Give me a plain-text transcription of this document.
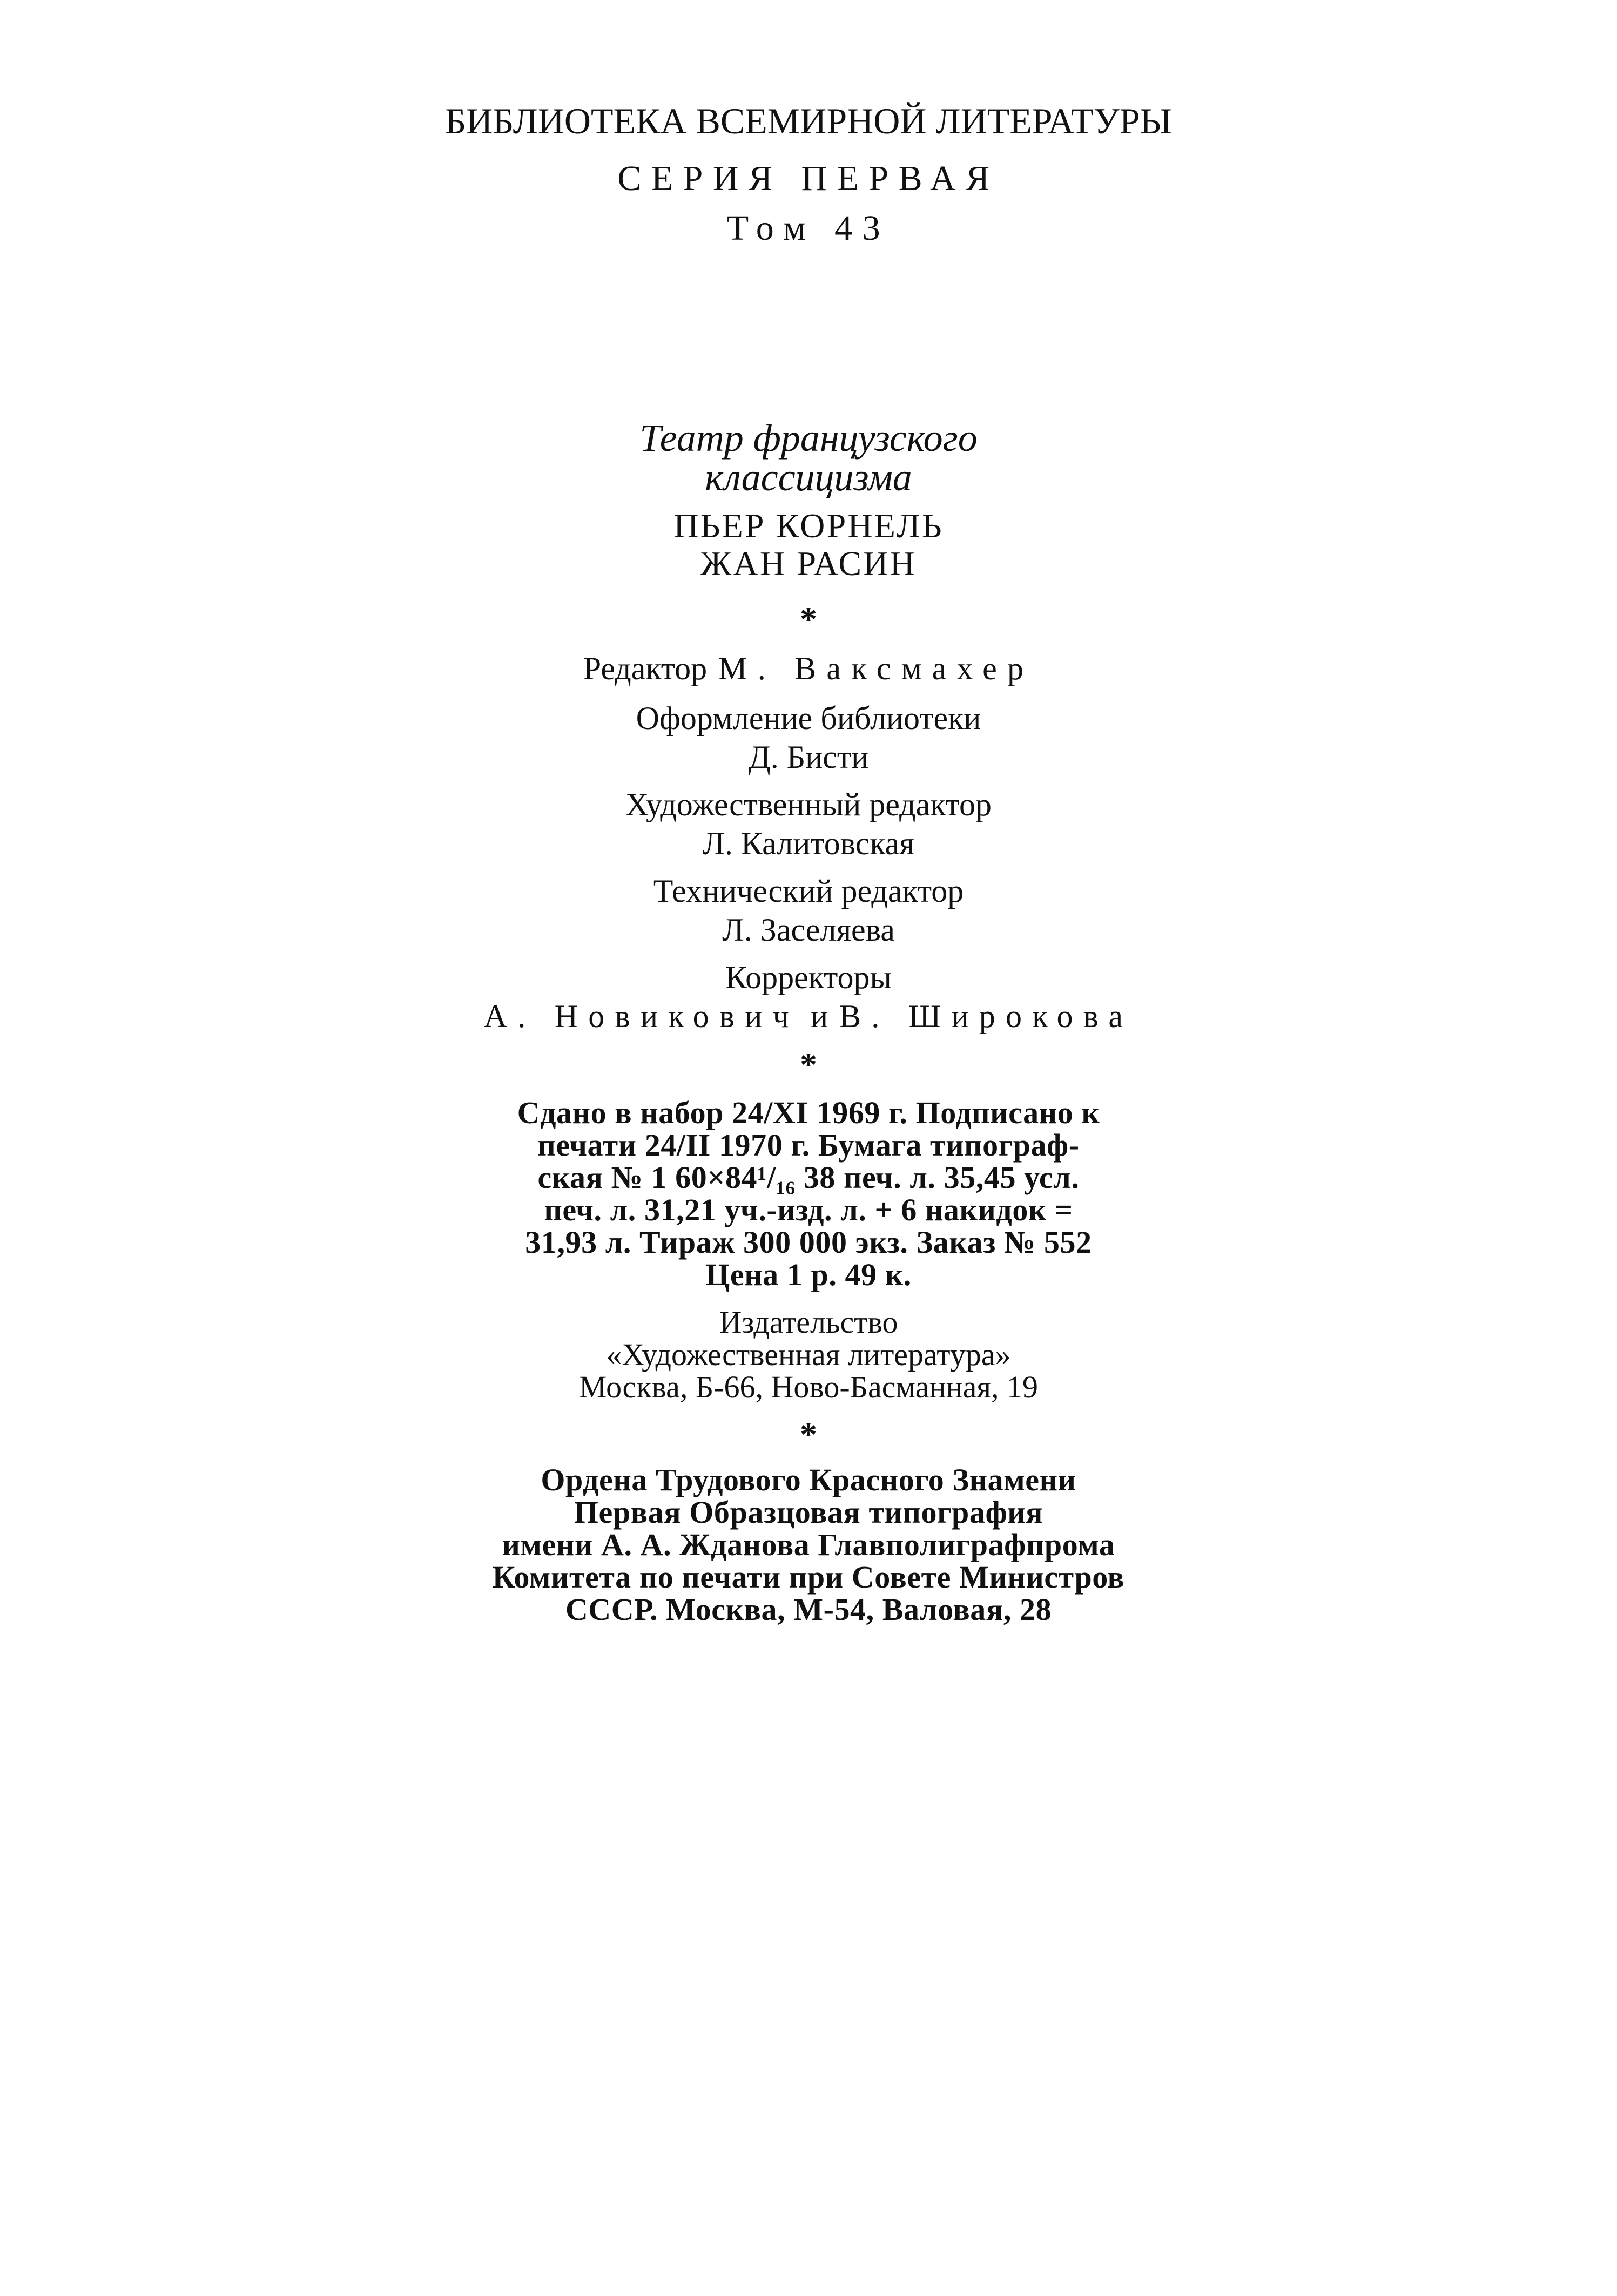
БИБЛИОТЕКА ВСЕМИРНОЙ ЛИТЕРАТУРЫ
СЕРИЯ ПЕРВАЯ
Том 43
Театр французского
классицизма
ПЬЕР КОРНЕЛЬ
ЖАН РАСИН
*
Редактор М. Ваксмахер
Оформление библиотеки
Д. Бисти
Художественный редактор
Л. Калитовская
Технический редактор
Л. Заселяева
Корректоры
А. Новикович и В. Широкова
*
Сдано в набор 24/XI 1969 г. Подписано к
печати 24/II 1970 г. Бумага типограф-
ская № 1 60×84¹/₁₆ 38 печ. л. 35,45 усл.
печ. л. 31,21 уч.-изд. л. + 6 накидок =
31,93 л. Тираж 300 000 экз. Заказ № 552
Цена 1 р. 49 к.
Издательство
«Художественная литература»
Москва, Б-66, Ново-Басманная, 19
*
Ордена Трудового Красного Знамени
Первая Образцовая типография
имени А. А. Жданова Главполиграфпрома
Комитета по печати при Совете Министров
СССР. Москва, М-54, Валовая, 28
